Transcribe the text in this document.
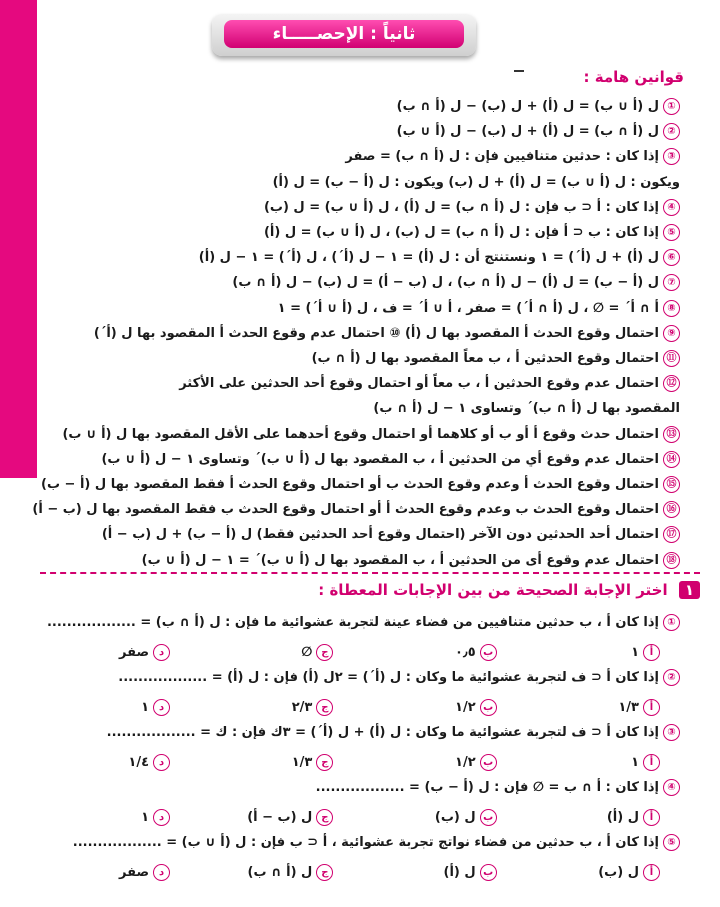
ثانياً : الإحصـــــاء
قوانين هامة :
①ل (أ ∪ ب) = ل (أ) + ل (ب) − ل (أ ∩ ب)
②ل (أ ∩ ب) = ل (أ) + ل (ب) − ل (أ ∪ ب)
③إذا كان : حدثين متنافيين فإن : ل (أ ∩ ب) = صفر
ويكون : ل (أ ∪ ب) = ل (أ) + ل (ب) ويكون : ل (أ − ب) = ل (أ)
④إذا كان : أ ⊂ ب فإن : ل (أ ∩ ب) = ل (أ) ، ل (أ ∪ ب) = ل (ب)
⑤إذا كان : ب ⊂ أ فإن : ل (أ ∩ ب) = ل (ب) ، ل (أ ∪ ب) = ل (أ)
⑥ل (أ) + ل (أ´) = ١ ونستنتج أن : ل (أ) = ١ − ل (أ´) ، ل (أ´) = ١ − ل (أ)
⑦ل (أ − ب) = ل (أ) − ل (أ ∩ ب) ، ل (ب − أ) = ل (ب) − ل (أ ∩ ب)
⑧أ ∩ أ´ = ∅ ، ل (أ ∩ أ´) = صفر ، أ ∪ أ´ = ف ، ل (أ ∪ أ´) = ١
⑨احتمال وقوع الحدث أ المقصود بها ل (أ) ⑩ احتمال عدم وقوع الحدث أ المقصود بها ل (أ´)
⑪احتمال وقوع الحدثين أ ، ب معاً المقصود بها ل (أ ∩ ب)
⑫احتمال عدم وقوع الحدثين أ ، ب معاً أو احتمال وقوع أحد الحدثين على الأكثر
المقصود بها ل (أ ∩ ب)´ وتساوى ١ − ل (أ ∩ ب)
⑬احتمال حدث وقوع أ أو ب أو كلاهما أو احتمال وقوع أحدهما على الأقل المقصود بها ل (أ ∪ ب)
⑭احتمال عدم وقوع أي من الحدثين أ ، ب المقصود بها ل (أ ∪ ب)´ وتساوى ١ − ل (أ ∪ ب)
⑮احتمال وقوع الحدث أ وعدم وقوع الحدث ب أو احتمال وقوع الحدث أ فقط المقصود بها ل (أ − ب)
⑯احتمال وقوع الحدث ب وعدم وقوع الحدث أ أو احتمال وقوع الحدث ب فقط المقصود بها ل (ب − أ)
⑰احتمال أحد الحدثين دون الآخر (احتمال وقوع أحد الحدثين فقط) ل (أ − ب) + ل (ب − أ)
⑱احتمال عدم وقوع أى من الحدثين أ ، ب المقصود بها ل (أ ∪ ب)´ = ١ − ل (أ ∪ ب)
١ اختر الإجابة الصحيحة من بين الإجابات المعطاة :
①إذا كان أ ، ب حدثين متنافيين من فضاء عينة لتجربة عشوائية ما فإن : ل (أ ∩ ب) = ..................
أ
١
ب
٠٫٥
ج
∅
د
صفر
②إذا كان أ ⊂ ف لتجربة عشوائية ما وكان : ل (أ´) = ٢ل (أ) فإن : ل (أ) = ..................
أ
١/٣
ب
١/٢
ج
٢/٣
د
١
③إذا كان أ ⊂ ف لتجربة عشوائية ما وكان : ل (أ) + ل (أ´) = ٣ك فإن : ك = ..................
أ
١
ب
١/٢
ج
١/٣
د
١/٤
④إذا كان : أ ∩ ب = ∅ فإن : ل (أ − ب) = ..................
أ
ل (أ)
ب
ل (ب)
ج
ل (ب − أ)
د
١
⑤إذا كان أ ، ب حدثين من فضاء نواتج تجربة عشوائية ، أ ⊂ ب فإن : ل (أ ∪ ب) = ..................
أ
ل (ب)
ب
ل (أ)
ج
ل (أ ∩ ب)
د
صفر
